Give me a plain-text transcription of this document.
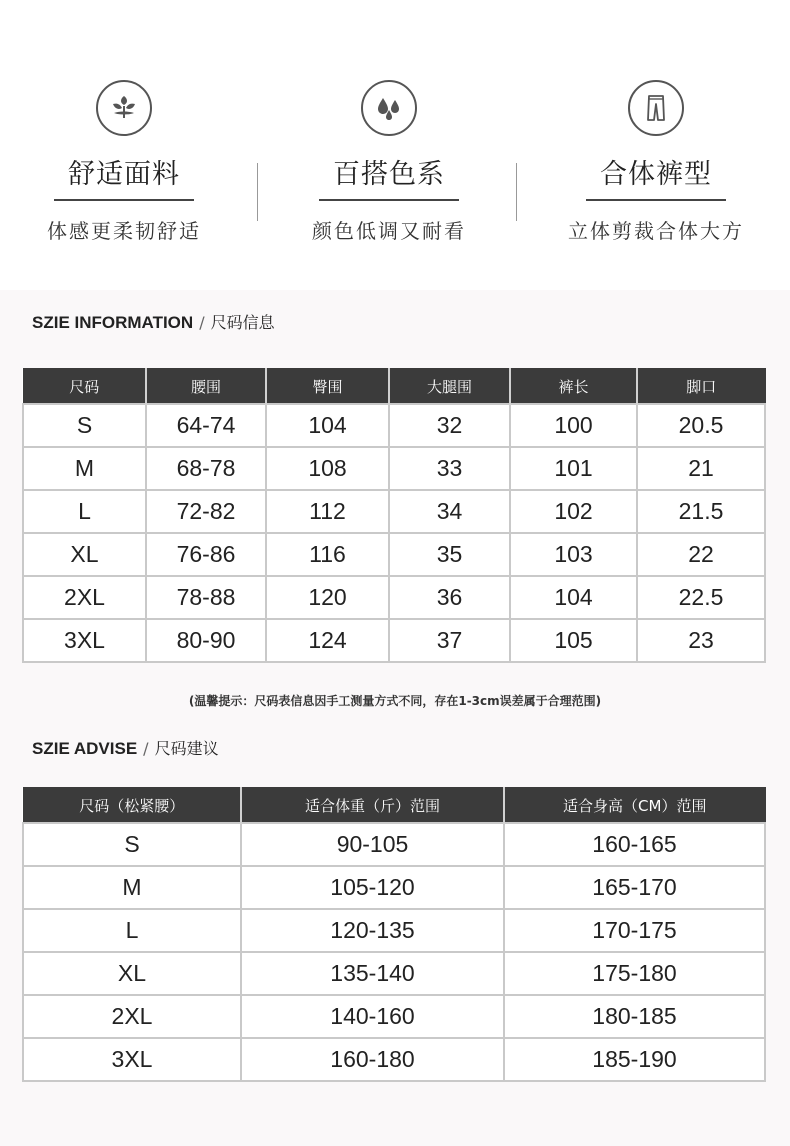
舒适面料
体感更柔韧舒适
百搭色系
颜色低调又耐看
合体裤型
立体剪裁合体大方
SZIE INFORMATION / 尺码信息
尺码	腰围	臀围	大腿围	裤长	脚口
S	64-74	104	32	100	20.5
M	68-78	108	33	101	21
L	72-82	112	34	102	21.5
XL	76-86	116	35	103	22
2XL	78-88	120	36	104	22.5
3XL	80-90	124	37	105	23
(温馨提示：尺码表信息因手工测量方式不同，存在1-3cm误差属于合理范围)
SZIE ADVISE / 尺码建议
尺码（松紧腰）	适合体重（斤）范围	适合身高（CM）范围
S	90-105	160-165
M	105-120	165-170
L	120-135	170-175
XL	135-140	175-180
2XL	140-160	180-185
3XL	160-180	185-190
